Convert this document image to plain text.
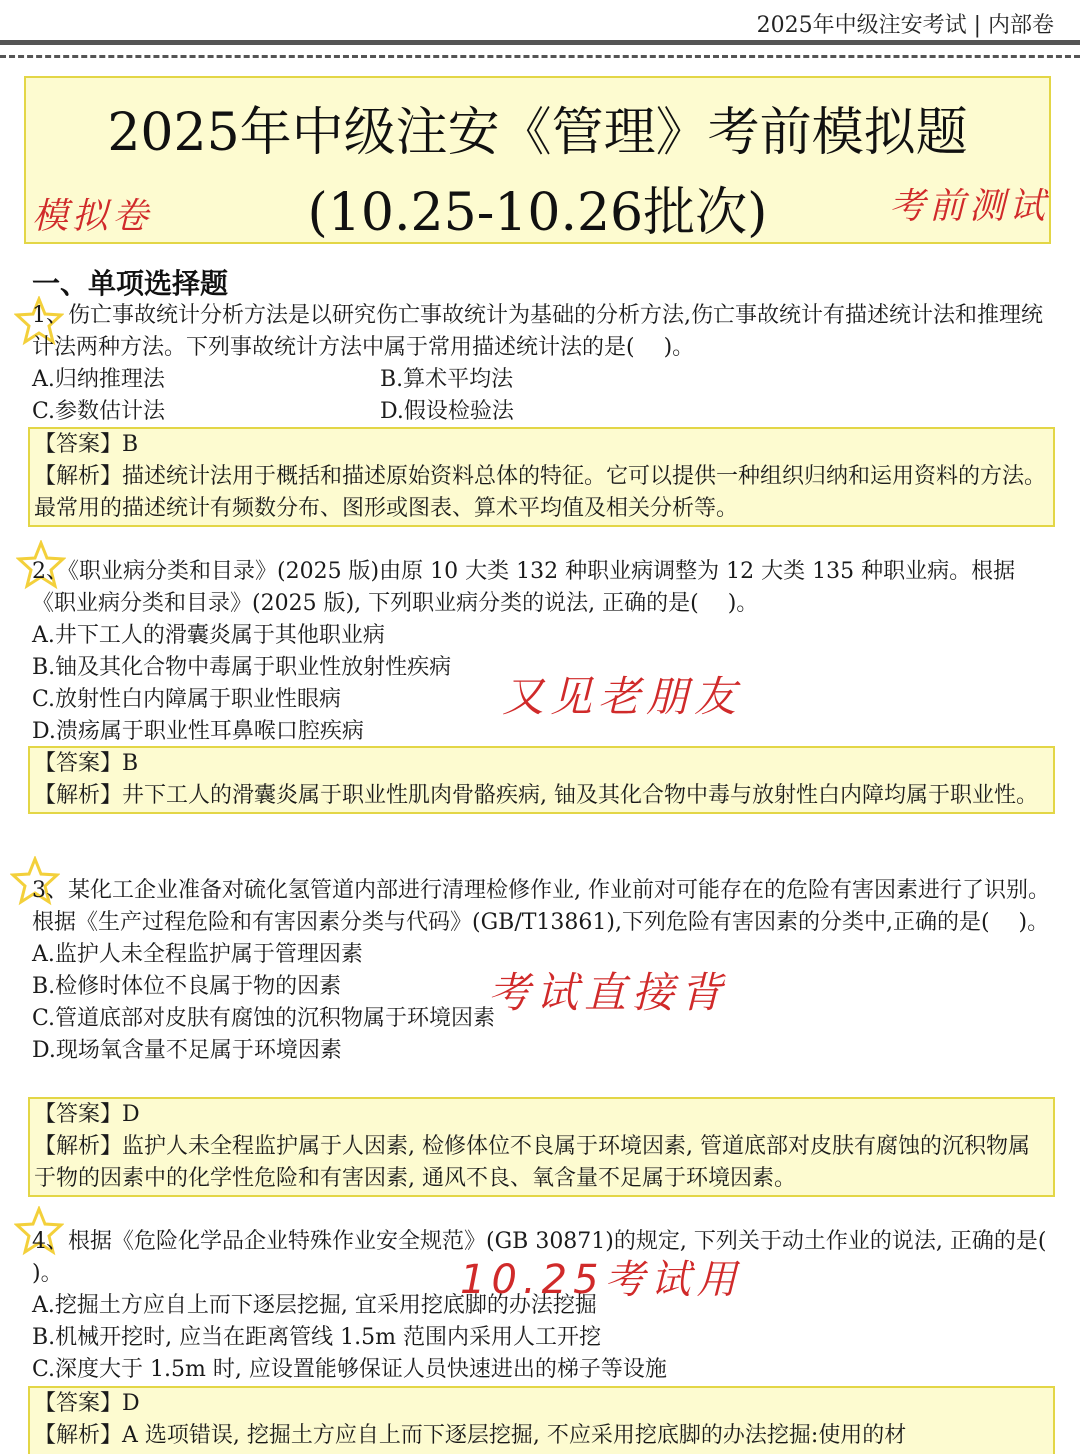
2025年中级注安考试 | 内部卷
2025年中级注安《管理》考前模拟题
(10.25-10.26批次)
模拟卷	考前测试
一、单项选择题

1、伤亡事故统计分析方法是以研究伤亡事故统计为基础的分析方法,伤亡事故统计有描述统计法和推理统计法两种方法。下列事故统计方法中属于常用描述统计法的是(　 )。

A.归纳推理法	B.算术平均法
C.参数估计法	D.假设检验法

【答案】B

【解析】描述统计法用于概括和描述原始资料总体的特征。它可以提供一种组织归纳和运用资料的方法。最常用的描述统计有频数分布、图形或图表、算术平均值及相关分析等。

2、《职业病分类和目录》(2025 版)由原 10 大类 132 种职业病调整为 12 大类 135 种职业病。根据《职业病分类和目录》(2025 版), 下列职业病分类的说法, 正确的是(　 )。

A.井下工人的滑囊炎属于其他职业病
B.铀及其化合物中毒属于职业性放射性疾病
C.放射性白内障属于职业性眼病
D.溃疡属于职业性耳鼻喉口腔疾病
又见老朋友

【答案】B

【解析】井下工人的滑囊炎属于职业性肌肉骨骼疾病, 铀及其化合物中毒与放射性白内障均属于职业性。

3、某化工企业准备对硫化氢管道内部进行清理检修作业, 作业前对可能存在的危险有害因素进行了识别。根据《生产过程危险和有害因素分类与代码》(GB/T13861),下列危险有害因素的分类中,正确的是(　 )。

A.监护人未全程监护属于管理因素
B.检修时体位不良属于物的因素
C.管道底部对皮肤有腐蚀的沉积物属于环境因素
D.现场氧含量不足属于环境因素
考试直接背

【答案】D

【解析】监护人未全程监护属于人因素, 检修体位不良属于环境因素, 管道底部对皮肤有腐蚀的沉积物属于物的因素中的化学性危险和有害因素, 通风不良、氧含量不足属于环境因素。

4、根据《危险化学品企业特殊作业安全规范》(GB 30871)的规定, 下列关于动土作业的说法, 正确的是(　 )。

A.挖掘土方应自上而下逐层挖掘, 宜采用挖底脚的办法挖掘
B.机械开挖时, 应当在距离管线 1.5m 范围内采用人工开挖
C.深度大于 1.5m 时, 应设置能够保证人员快速进出的梯子等设施
10.25考试用

【答案】D

【解析】A 选项错误, 挖掘土方应自上而下逐层挖掘, 不应采用挖底脚的办法挖掘:使用的材
